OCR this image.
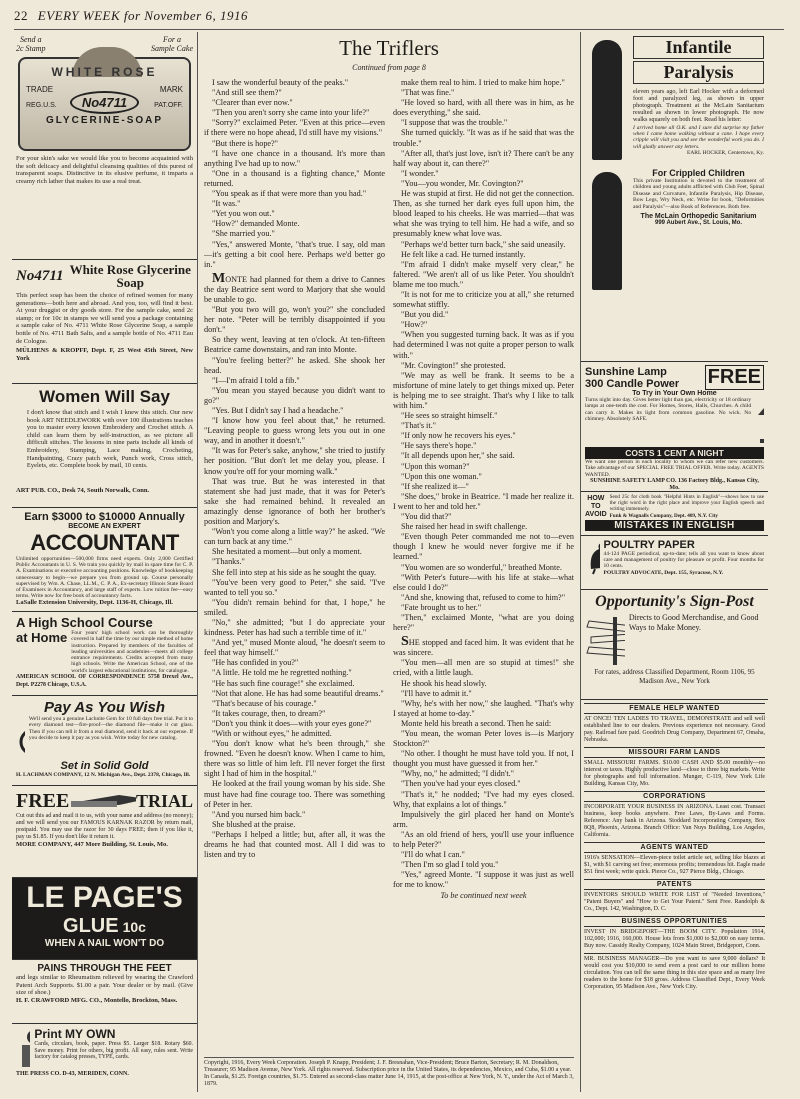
22 EVERY WEEK for November 6, 1916
Send a
2c Stamp
For a
Sample Cake
WHITE ROSE
TRADE	MARK
No4711
REG.U.S.	PAT.OFF.
GLYCERINE-SOAP
For your skin's sake we would like you to become acquainted with the soft delicacy and delightful cleansing qualities of this purest of transparent soaps. Distinctive in its elusive perfume, it imparts a creamy rich lather that makes its use a real treat.
No4711 White Rose Glycerine Soap
This perfect soap has been the choice of refined women for many generations—both here and abroad. And you, too, will find it best. At your druggist or dry goods store. For the sample cake, send 2c stamp; or for 10c in stamps we will send you a package containing a sample cake of No. 4711 White Rose Glycerine Soap, a sample bottle of No. 4711 Bath Salts, and a sample bottle of No. 4711 Eau de Cologne.
MÜLHENS & KROPFF, Dept. F, 25 West 45th Street, New York
Women Will Say
I don't know that stitch and I wish I knew this stitch. Our new book ART NEEDLEWORK with over 100 illustrations teaches you to master every known Embroidery and Crochet stitch. A child can learn them by self-instruction, as we picture all difficult stitches. The lessons in nine parts include all kinds of Embroidery, Stamping, Lace making, Crocheting, Handpainting, Crazy patch work, Punch work, Cross stitch, Eyelets, etc. Complete book by mail, 10 cents.
ART PUB. CO., Desk 74, South Norwalk, Conn.
Earn $3000 to $10000 Annually
BECOME AN EXPERT
ACCOUNTANT
Unlimited opportunities—500,000 firms need experts. Only 2,000 Certified Public Accountants in U. S. We train you quickly by mail in spare time for C. P. A. Examinations or executive accounting positions. Knowledge of bookkeeping unnecessary to begin—we prepare you from ground up. Course personally supervised by Wm. A. Chase, LL.M., C. P. A., Ex-secretary Illinois State Board of Examiners in Accountancy, and large staff of experts. Low tuition fee—easy terms. Write now for free book of accountancy facts.
LaSalle Extension University, Dept. 1136-H, Chicago, Ill.
A High School Course
at Home Four years' high school work can be thoroughly covered in half the time by our simple method of home instruction. Prepared by members of the faculties of leading universities and academies—meets all college entrance requirements. Credits accepted from many high schools. Write the American School, one of the world's largest educational institutions, for catalogue.
AMERICAN SCHOOL OF CORRESPONDENCE 5758 Drexel Ave., Dept. P2278 Chicago, U.S.A.
Pay As You Wish
We'll send you a genuine Lachnite Gem for 10 full days free trial. Put it to every diamond test—fire-proof—the diamond file—make it cut glass. Then if you can tell it from a real diamond, send it back at our expense. If you decide to keep it pay as you wish. Write today for new catalog.
Set in Solid Gold
H. LACHMAN COMPANY, 12 N. Michigan Ave., Dept. 2378, Chicago, Ill.
FREE	TRIAL
Cut out this ad and mail it to us, with your name and address (no money); and we will send you our FAMOUS KARNAK RAZOR by return mail, postpaid. You may use the razor for 30 days FREE; then if you like it, pay us $1.85. If you don't like it return it.
MORE COMPANY, 447 More Building, St. Louis, Mo.
LE PAGE'S
GLUE 10c
WHEN A NAIL WON'T DO
PAINS THROUGH THE FEET
and legs similar to Rheumatism relieved by wearing the Crawford Patent Arch Supports. $1.00 a pair. Your dealer or by mail. (Give size of shoe.)
H. F. CRAWFORD MFG. CO., Montello, Brockton, Mass.
Print MY OWN
Cards, circulars, book, paper. Press $5. Larger $18. Rotary $60. Save money. Print for others, big profit. All easy, rules sent. Write factory for catalog presses, TYPE, cards.
THE PRESS CO. D-43, MERIDEN, CONN.
The Triflers
Continued from page 8

I saw the wonderful beauty of the peaks."

"And still see them?"

"Clearer than ever now."

"Then you aren't sorry she came into your life?"

"Sorry?" exclaimed Peter. "Even at this price—even if there were no hope ahead, I'd still have my visions."

"But there is hope?"

"I have one chance in a thousand. It's more than anything I've had up to now."

"One in a thousand is a fighting chance," Monte returned.

"You speak as if that were more than you had."

"It was."

"Yet you won out."

"How?" demanded Monte.

"She married you."

"Yes," answered Monte, "that's true. I say, old man—it's getting a bit cool here. Perhaps we'd better go in."

MONTE had planned for them a drive to Cannes the day Beatrice sent word to Marjory that she would be unable to go.

"But you two will go, won't you?" she concluded her note. "Peter will be terribly disappointed if you don't."

So they went, leaving at ten o'clock. At ten-fifteen Beatrice came downstairs, and ran into Monte.

"You're feeling better?" he asked. She shook her head.

"I—I'm afraid I told a fib."

"You mean you stayed because you didn't want to go?"

"Yes. But I didn't say I had a headache."

"I know how you feel about that," he returned. "Leaving people to guess wrong lets you out in one way, and in another it doesn't."

"It was for Peter's sake, anyhow," she tried to justify her position. "But don't let me delay you, please. I know you're off for your morning walk."

That was true. But he was interested in that statement she had just made, that it was for Peter's sake she had remained behind. It revealed an amazingly dense ignorance of both her brother's position and Marjory's.

"Won't you come along a little way?" he asked. "We can turn back at any time."

She hesitated a moment—but only a moment.

"Thanks."

She fell into step at his side as he sought the quay.

"You've been very good to Peter," she said. "I've wanted to tell you so."

"You didn't remain behind for that, I hope," he smiled.

"No," she admitted; "but I do appreciate your kindness. Peter has had such a terrible time of it."

"And yet," mused Monte aloud, "he doesn't seem to feel that way himself."

"He has confided in you?"

"A little. He told me he regretted nothing."

"He has such fine courage!" she exclaimed.

"Not that alone. He has had some beautiful dreams."

"That's because of his courage."

"It takes courage, then, to dream?"

"Don't you think it does—with your eyes gone?"

"With or without eyes," he admitted.

"You don't know what he's been through," she frowned. "Even he doesn't know. When I came to him, there was so little of him left. I'll never forget the first sight I had of him in the hospital."

He looked at the frail young woman by his side. She must have had fine courage too. There was something of Peter in her.

"And you nursed him back."

She blushed at the praise.

"Perhaps I helped a little; but, after all, it was the dreams he had that counted most. All I did was to listen and try to

make them real to him. I tried to make him hope."

"That was fine."

"He loved so hard, with all there was in him, as he does everything," she said.

"I suppose that was the trouble."

She turned quickly. "It was as if he said that was the trouble."

"After all, that's just love, isn't it? There can't be any half way about it, can there?"

"I wonder."

"You—you wonder, Mr. Covington?"

He was stupid at first. He did not get the connection. Then, as she turned her dark eyes full upon him, the blood leaped to his cheeks. He was married—that was what she was trying to tell him. He had a wife, and so presumably knew what love was.

"Perhaps we'd better turn back," she said uneasily.

He felt like a cad. He turned instantly.

"I'm afraid I didn't make myself very clear," he faltered. "We aren't all of us like Peter. You shouldn't blame me too much."

"It is not for me to criticize you at all," she returned somewhat stiffly.

"But you did."

"How?"

"When you suggested turning back. It was as if you had determined I was not quite a proper person to walk with."

"Mr. Covington!" she protested.

"We may as well be frank. It seems to be a misfortune of mine lately to get things mixed up. Peter is helping me to see straight. That's why I like to talk with him."

"He sees so straight himself."

"That's it."

"If only now he recovers his eyes."

"He says there's hope."

"It all depends upon her," she said.

"Upon this woman?"

"Upon this one woman."

"If she realized it—"

"She does," broke in Beatrice. "I made her realize it. I went to her and told her."

"You did that?"

She raised her head in swift challenge.

"Even though Peter commanded me not to—even though I knew he would never forgive me if he learned."

"You women are so wonderful," breathed Monte.

"With Peter's future—with his life at stake—what else could I do?"

"And she, knowing that, refused to come to him?"

"Fate brought us to her."

"Then," exclaimed Monte, "what are you doing here?"

SHE stopped and faced him. It was evident that he was sincere.

"You men—all men are so stupid at times!" she cried, with a little laugh.

He shook his head slowly.

"I'll have to admit it."

"Why, he's with her now," she laughed. "That's why I stayed at home to-day."

Monte held his breath a second. Then he said:

"You mean, the woman Peter loves is—is Marjory Stockton?"

"No other. I thought he must have told you. If not, I thought you must have guessed it from her."

"Why, no," he admitted; "I didn't."

"Then you've had your eyes closed."

"That's it," he nodded; "I've had my eyes closed. Why, that explains a lot of things."

Impulsively the girl placed her hand on Monte's arm.

"As an old friend of hers, you'll use your influence to help Peter?"

"I'll do what I can."

"Then I'm so glad I told you."

"Yes," agreed Monte. "I suppose it was just as well for me to know."

To be continued next week

Copyright, 1916, Every Week Corporation. Joseph P. Knapp, President; J. F. Bresnahan, Vice-President; Bruce Barton, Secretary; R. M. Donaldson, Treasurer; 95 Madison Avenue, New York. All rights reserved. Subscription price in the United States, its dependencies, Mexico, and Cuba, $1.00 a year. In Canada, $1.25. Foreign countries, $1.75. Entered as second-class matter June 14, 1915, at the post-office at New York, N. Y., under the Act of March 3, 1879.
Infantile
Paralysis
eleven years ago, left Earl Hocker with a deformed foot and paralyzed leg, as shown in upper photograph. Treatment at the McLain Sanitarium resulted as shown in lower photograph. He now walks squarely on both feet. Read his letter:
I arrived home all O.K. and I sure did surprise my father when I came home walking without a cane. I hope every cripple will visit you and see the wonderful work you do. I will gladly answer any letters.
EARL HOCKER, Centertown, Ky.
For Crippled Children
This private Institution is devoted to the treatment of children and young adults afflicted with Club Feet, Spinal Disease and Curvature, Infantile Paralysis, Hip Disease, Bow Legs, Wry Neck, etc. Write for book, "Deformities and Paralysis"—also Book of References. Both free.
The McLain Orthopedic Sanitarium
999 Aubert Ave., St. Louis, Mo.
Sunshine Lamp
300 Candle Power FREE
To Try in Your Own Home
Turns night into day. Gives better light than gas, electricity or 18 ordinary lamps at one-tenth the cost. For Homes, Stores, Halls, Churches. A child can carry it. Makes its light from common gasoline. No wick. No chimney. Absolutely SAFE.
COSTS 1 CENT A NIGHT
We want one person in each locality to whom we can refer new customers. Take advantage of our SPECIAL FREE TRIAL OFFER. Write today. AGENTS WANTED.
SUNSHINE SAFETY LAMP CO. 136 Factory Bldg., Kansas City, Mo.
HOW TO AVOID
Send 25c for cloth book "Helpful Hints in English"—shows how to use the right word in the right place and improve your English speech and writing immensely.
Funk & Wagnalls Company, Dept. 409, N.Y. City
MISTAKES IN ENGLISH
POULTRY PAPER
44-124 PAGE periodical, up-to-date; tells all you want to know about care and management of poultry for pleasure or profit. Four months for 10 cents.
POULTRY ADVOCATE, Dept. 155, Syracuse, N.Y.
Opportunity's Sign-Post
Directs to Good Merchandise, and Good Ways to Make Money.
For rates, address Classified Department, Room 1106, 95 Madison Ave., New York
FEMALE HELP WANTED
AT ONCE! TEN LADIES TO TRAVEL, DEMONSTRATE and sell well established line to our dealers. Previous experience not necessary. Good pay. Railroad fare paid. Goodrich Drug Company, Department 67, Omaha, Nebraska.
MISSOURI FARM LANDS
SMALL MISSOURI FARMS. $10.00 CASH AND $5.00 monthly—no interest or taxes. Highly productive land—close to three big markets. Write for photographs and full information. Munger, C-119, New York Life Building, Kansas City, Mo.
CORPORATIONS
INCORPORATE YOUR BUSINESS IN ARIZONA. Least cost. Transact business, keep books anywhere. Free Laws, By-Laws and Forms. Reference: Any bank in Arizona. Stoddard Incorporating Company, Box 8Q8, Phoenix, Arizona. Branch Office: Van Nuys Building, Los Angeles, California.
AGENTS WANTED
1916's SENSATION—Eleven-piece toilet article set, selling like blazes at $1, with $1 carving set free; enormous profits; tremendous hit. Eagle made $51 first week; write quick. Pierce Co., 927 Pierce Bldg., Chicago.
PATENTS
INVENTORS SHOULD WRITE FOR LIST of "Needed Inventions," "Patent Buyers" and "How to Get Your Patent." Sent Free. Randolph & Co., Dept. 142, Washington, D. C.
BUSINESS OPPORTUNITIES
INVEST IN BRIDGEPORT—THE BOOM CITY. Population 1914, 102,000; 1916, 160,000. House lots from $1,000 to $2,000 on easy terms. Buy now. Cassidy Realty Company, 1024 Main Street, Bridgeport, Conn.
MR. BUSINESS MANAGER—Do you want to save 9,000 dollars? It would cost you $10,000 to send even a post card to our million home circulation. You can tell the same thing in this size space and as many live readers to the home for $18 gross. Address Classified Dept., Every Week Corporation, 95 Madison Ave., New York City.
